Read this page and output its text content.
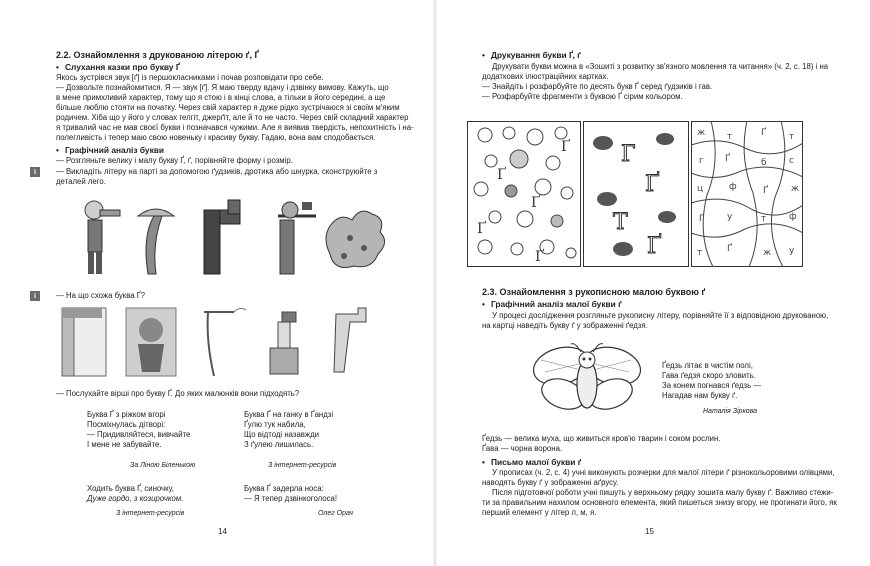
2.2. Ознайомлення з друкованою літерою ґ, Ґ
• Слухання казки про букву Ґ
Якось зустрівся звук [ґ] із першокласниками і почав розповідати про себе.
— Дозвольте познайомитися. Я — звук [ґ]. Я маю тверду вдачу і дзвінку вимову. Кажуть, що
в мене примхливий характер, тому що я стою і в кінці слова, а тільки в його середині, а ще
більше люблю стояти на початку. Через свій характер я дуже рідко зустрічаюся зі своїм м'яким
родичем. Хіба що у його у словах гелгіт, джерґіт, але й то не часто. Через свій складний характер
я тривалий час не мав своєї букви і позначався чужими. Але я виявив твердість, непохитність і на-
полегливість і тепер маю свою новеньку і красиву букву. Гадаю, вона вам сподобається.
• Графічний аналіз букви
— Розгляньте велику і малу букву Ґ, ґ, порівняйте форму і розмір.
i	— Викладіть літеру на парті за допомогою ґудзиків, дротика або шнурка, сконструюйте з деталей лего.
i	— На що схожа буква Ґ?
— Послухайте вірші про букву Ґ. До яких малюнків вони підходять?
Буква Ґ з ріжком вгорі
Посміхнулась дітворі:
— Придивляйтеся, вивчайте
І мене не забувайте.
За Ліною Біленькою
Буква Ґ на ганку в Ґандзі
Ґулю тук набила,
Що відтоді назавжди
З ґулею лишилась.
З інтернет-ресурсів
Ходить буква Ґ, синочку,
Дуже гордо, з козирочком.
З інтернет-ресурсів
Буква Ґ задерла носа:
— Я тепер дзвінкоголоса!
Олег Орач
14
• Друкування букви Ґ, ґ
Друкувати букви можна в «Зошиті з розвитку зв'язного мовлення та читання» (ч. 2, с. 18) і на
додаткових ілюстраційних картках.
— Знайдіть і розфарбуйте по десять букв Ґ серед ґудзиків і гав.
— Розфарбуйте фрагменти з буквою Ґ сірим кольором.
Ґ
Ґ
Ґ
Ґ
Ґ Г
Ґ
Т
Ґ
ж т	Ґ	т
г Ґ	б с
ц	ф	Ґ	ж
Ґ	у	т	ф
т	Ґ	ж у
2.3. Ознайомлення з рукописною малою буквою ґ
• Графічний аналіз малої букви ґ
У процесі дослідження розгляньте рукописну літеру, порівняйте її з відповідною друкованою,
на картці наведіть букву ґ у зображенні ґедзя.
Ґедзь літає в чистім полі,
Гава ґедзя скоро зловить.
За конем погнався ґедзь —
Нагадав нам букву ґ.
Наталія Зіркова
Ґедзь — велика муха, що живиться кров'ю тварин і соком рослин.
Ґава — чорна ворона.
• Письмо малої букви ґ
У прописах (ч. 2, с. 4) учні виконують розчерки для малої літери ґ різнокольоровими олівцями,
наводять букву ґ у зображенні аґрусу.
Після підготовчої роботи учні пишуть у верхньому рядку зошита малу букву ґ. Важливо стежи-
ти за правильним нахилом основного елемента, який пишеться знизу вгору, не прогинати його, як
перший елемент у літер л, м, я.
15
